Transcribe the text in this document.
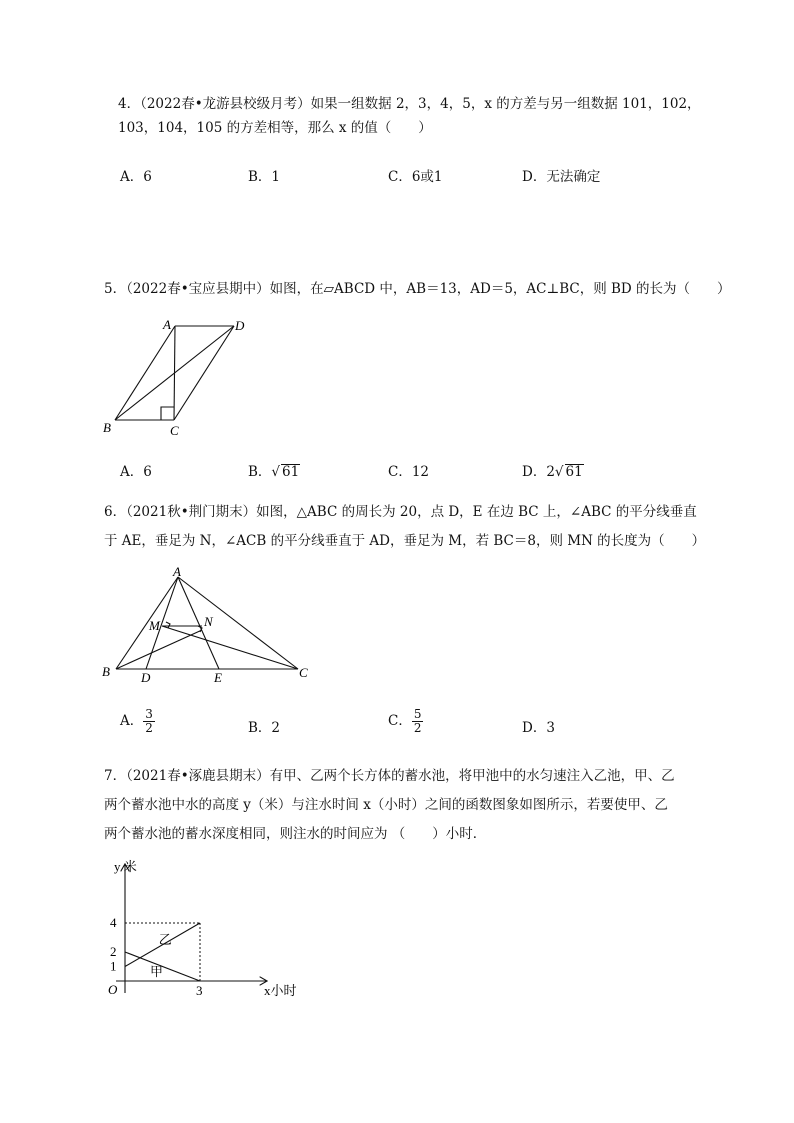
4．（2022春•龙游县校级月考）如果一组数据 2，3，4，5，x 的方差与另一组数据 101，102，
103，104，105 的方差相等，那么 x 的值（　　）
A．6	B．1	C．6或1	D．无法确定
5．（2022春•宝应县期中）如图，在▱ABCD 中，AB＝13，AD＝5，AC⊥BC，则 BD 的长为（　　）
A	D
B	C
A．6	B．√ 61	C．12	D．2√ 61
6．（2021秋•荆门期末）如图，△ABC 的周长为 20，点 D，E 在边 BC 上，∠ABC 的平分线垂直
于 AE，垂足为 N，∠ACB 的平分线垂直于 AD，垂足为 M，若 BC＝8，则 MN 的长度为（　　）
A
M	N
B D	E	C
A． $\frac{3}{2}$	B．2	C． $\frac{5}{2}$	D．3
7．（2021春•涿鹿县期末）有甲、乙两个长方体的蓄水池，将甲池中的水匀速注入乙池，甲、乙
两个蓄水池中水的高度 y（米）与注水时间 x（小时）之间的函数图象如图所示，若要使甲、乙
两个蓄水池的蓄水深度相同，则注水的时间应为 （　　）小时．
1
2
4
3
乙
甲
y 米
x小时
O
